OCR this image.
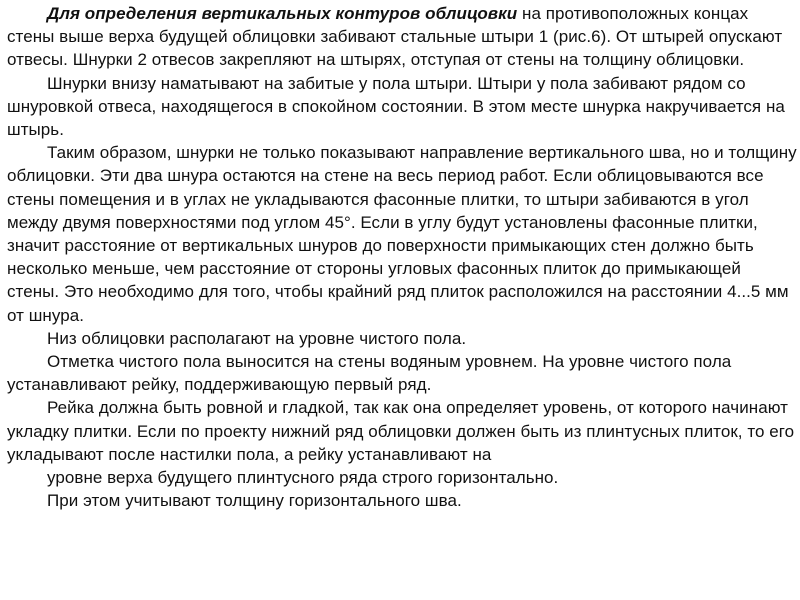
Для определения вертикальных контуров облицовки на противоположных концах стены выше верха будущей облицовки забивают стальные штыри 1 (рис.6). От штырей опускают отвесы. Шнурки 2 отвесов закрепляют на штырях, отступая от стены на толщину облицовки.

Шнурки внизу наматывают на забитые у пола штыри. Штыри у пола забивают рядом со шнуровкой отвеса, находящегося в спокойном состоянии. В этом месте шнурка накручивается на штырь.

Таким образом, шнурки не только показывают направление вертикального шва, но и толщину облицовки. Эти два шнура остаются на стене на весь период работ. Если облицовываются все стены помещения и в углах не укладываются фасонные плитки, то штыри забиваются в угол между двумя поверхностями под углом 45°. Если в углу будут установлены фасонные плитки, значит расстояние от вертикальных шнуров до поверхности примыкающих стен должно быть несколько меньше, чем расстояние от стороны угловых фасонных плиток до примыкающей стены. Это необходимо для того, чтобы крайний ряд плиток расположился на расстоянии 4...5 мм от шнура.

Низ облицовки располагают на уровне чистого пола.

Отметка чистого пола выносится на стены водяным уровнем. На уровне чистого пола устанавливают рейку, поддерживающую первый ряд.

Рейка должна быть ровной и гладкой, так как она определяет уровень, от которого начинают укладку плитки. Если по проекту нижний ряд облицовки должен быть из плинтусных плиток, то его укладывают после настилки пола, а рейку устанавливают на

уровне верха будущего плинтусного ряда строго горизонтально.

При этом учитывают толщину горизонтального шва.
